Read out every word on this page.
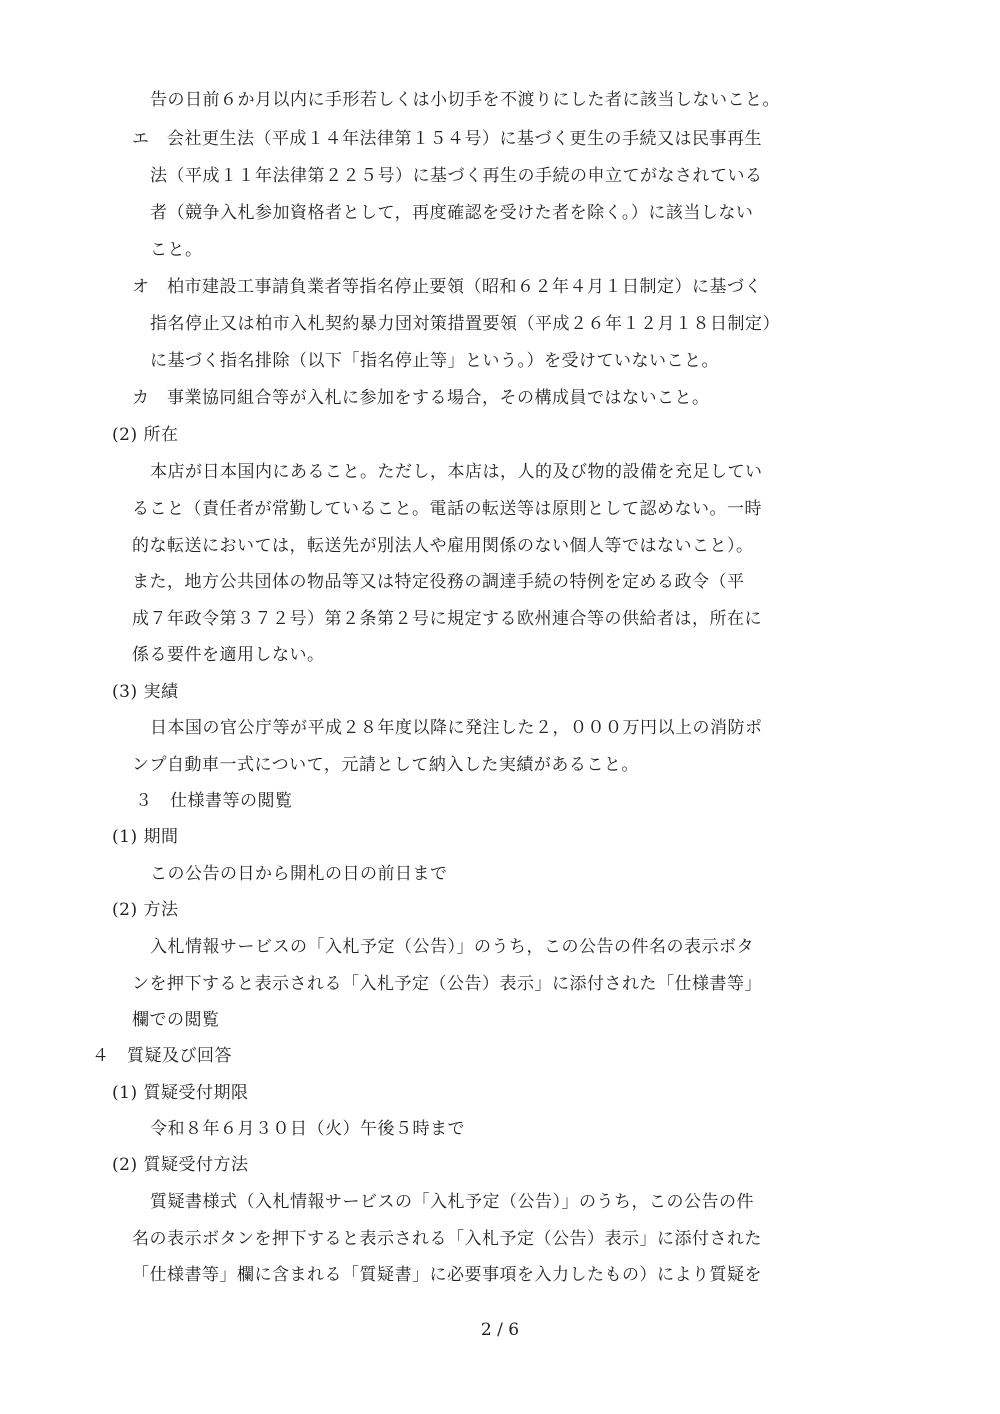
告の日前６か月以内に手形若しくは小切手を不渡りにした者に該当しないこと。
エ　会社更生法（平成１４年法律第１５４号）に基づく更生の手続又は民事再生
法（平成１１年法律第２２５号）に基づく再生の手続の申立てがなされている
者（競争入札参加資格者として，再度確認を受けた者を除く。）に該当しない
こと。
オ　柏市建設工事請負業者等指名停止要領（昭和６２年４月１日制定）に基づく
指名停止又は柏市入札契約暴力団対策措置要領（平成２６年１２月１８日制定）
に基づく指名排除（以下「指名停止等」という。）を受けていないこと。
カ　事業協同組合等が入札に参加をする場合，その構成員ではないこと。
(2) 所在
本店が日本国内にあること。ただし，本店は，人的及び物的設備を充足してい
ること（責任者が常勤していること。電話の転送等は原則として認めない。一時
的な転送においては，転送先が別法人や雇用関係のない個人等ではないこと）。
また，地方公共団体の物品等又は特定役務の調達手続の特例を定める政令（平
成７年政令第３７２号）第２条第２号に規定する欧州連合等の供給者は，所在に
係る要件を適用しない。
(3) 実績
日本国の官公庁等が平成２８年度以降に発注した２，０００万円以上の消防ポ
ンプ自動車一式について，元請として納入した実績があること。
３　仕様書等の閲覧
(1) 期間
この公告の日から開札の日の前日まで
(2) 方法
入札情報サービスの「入札予定（公告）」のうち，この公告の件名の表示ボタ
ンを押下すると表示される「入札予定（公告）表示」に添付された「仕様書等」
欄での閲覧
４　質疑及び回答
(1) 質疑受付期限
令和８年６月３０日（火）午後５時まで
(2) 質疑受付方法
質疑書様式（入札情報サービスの「入札予定（公告）」のうち，この公告の件
名の表示ボタンを押下すると表示される「入札予定（公告）表示」に添付された
「仕様書等」欄に含まれる「質疑書」に必要事項を入力したもの）により質疑を
2 / 6
